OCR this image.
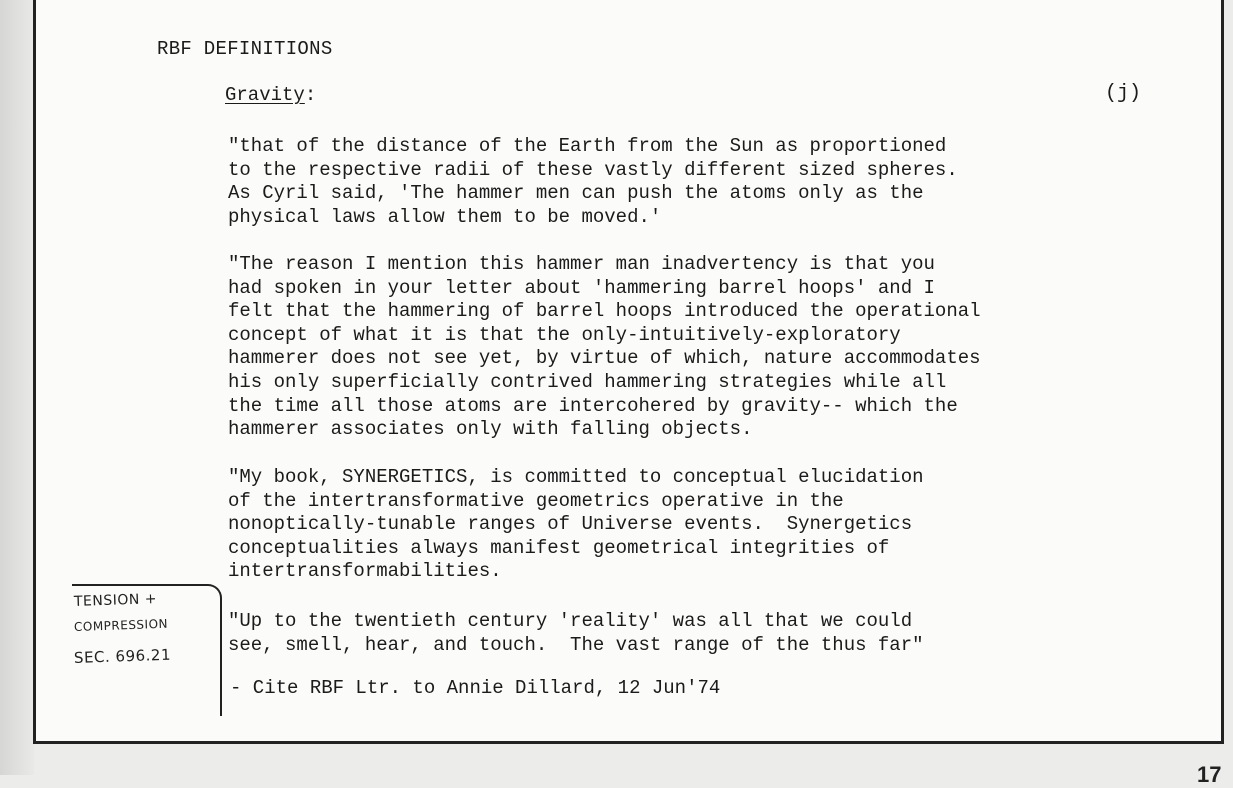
RBF DEFINITIONS
Gravity:	(j)

"that of the distance of the Earth from the Sun as proportioned
to the respective radii of these vastly different sized spheres.
As Cyril said, 'The hammer men can push the atoms only as the
physical laws allow them to be moved.'

"The reason I mention this hammer man inadvertency is that you
had spoken in your letter about 'hammering barrel hoops' and I
felt that the hammering of barrel hoops introduced the operational
concept of what it is that the only-intuitively-exploratory
hammerer does not see yet, by virtue of which, nature accommodates
his only superficially contrived hammering strategies while all
the time all those atoms are intercohered by gravity-- which the
hammerer associates only with falling objects.

"My book, SYNERGETICS, is committed to conceptual elucidation
of the intertransformative geometrics operative in the
nonoptically-tunable ranges of Universe events.  Synergetics
conceptualities always manifest geometrical integrities of
intertransformabilities.

"Up to the twentieth century 'reality' was all that we could
see, smell, hear, and touch.  The vast range of the thus far"

- Cite RBF Ltr. to Annie Dillard, 12 Jun'74
TENSION +
COMPRESSION
SEC. 696.21
17
